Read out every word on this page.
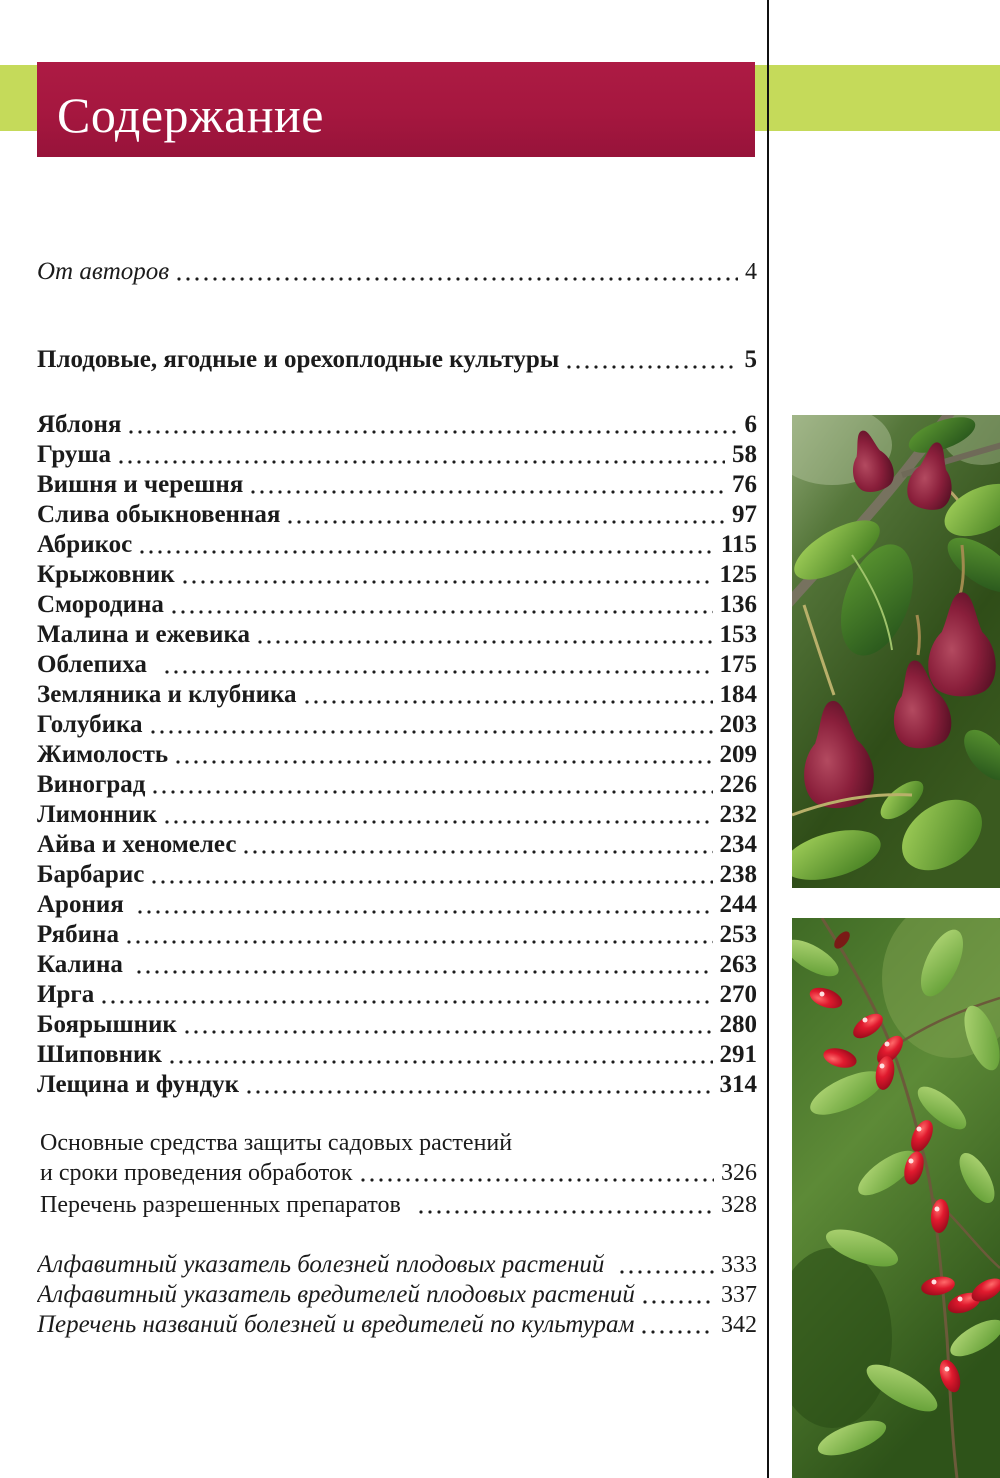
Содержание
От авторов	4
Плодовые, ягодные и орехоплодные культуры	5
Яблоня	6
Груша	58
Вишня и черешня	76
Слива обыкновенная	97
Абрикос	115
Крыжовник	125
Смородина	136
Малина и ежевика	153
Облепиха	175
Земляника и клубника	184
Голубика	203
Жимолость	209
Виноград	226
Лимонник	232
Айва и хеномелес	234
Барбарис	238
Арония	244
Рябина	253
Калина	263
Ирга	270
Боярышник	280
Шиповник	291
Лещина и фундук	314
Основные средства защиты садовых растений
и сроки проведения обработок	326
Перечень разрешенных препаратов	328
Алфавитный указатель болезней плодовых растений	333
Алфавитный указатель вредителей плодовых растений	337
Перечень названий болезней и вредителей по культурам	342
